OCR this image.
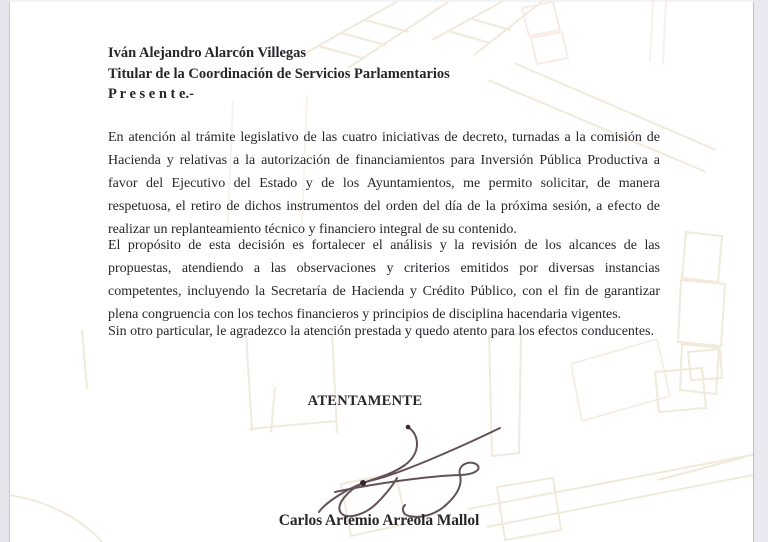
Iván Alejandro Alarcón Villegas
Titular de la Coordinación de Servicios Parlamentarios
P r e s e n t e.-

En atención al trámite legislativo de las cuatro iniciativas de decreto, turnadas a la comisión de Hacienda y relativas a la autorización de financiamientos para Inversión Pública Productiva a favor del Ejecutivo del Estado y de los Ayuntamientos, me permito solicitar, de manera respetuosa, el retiro de dichos instrumentos del orden del día de la próxima sesión, a efecto de realizar un replanteamiento técnico y financiero integral de su contenido.

El propósito de esta decisión es fortalecer el análisis y la revisión de los alcances de las propuestas, atendiendo a las observaciones y criterios emitidos por diversas instancias competentes, incluyendo la Secretaría de Hacienda y Crédito Público, con el fin de garantizar plena congruencia con los techos financieros y principios de disciplina hacendaria vigentes.

Sin otro particular, le agradezco la atención prestada y quedo atento para los efectos conducentes.

ATENTAMENTE
Carlos Artemio Arreola Mallol
